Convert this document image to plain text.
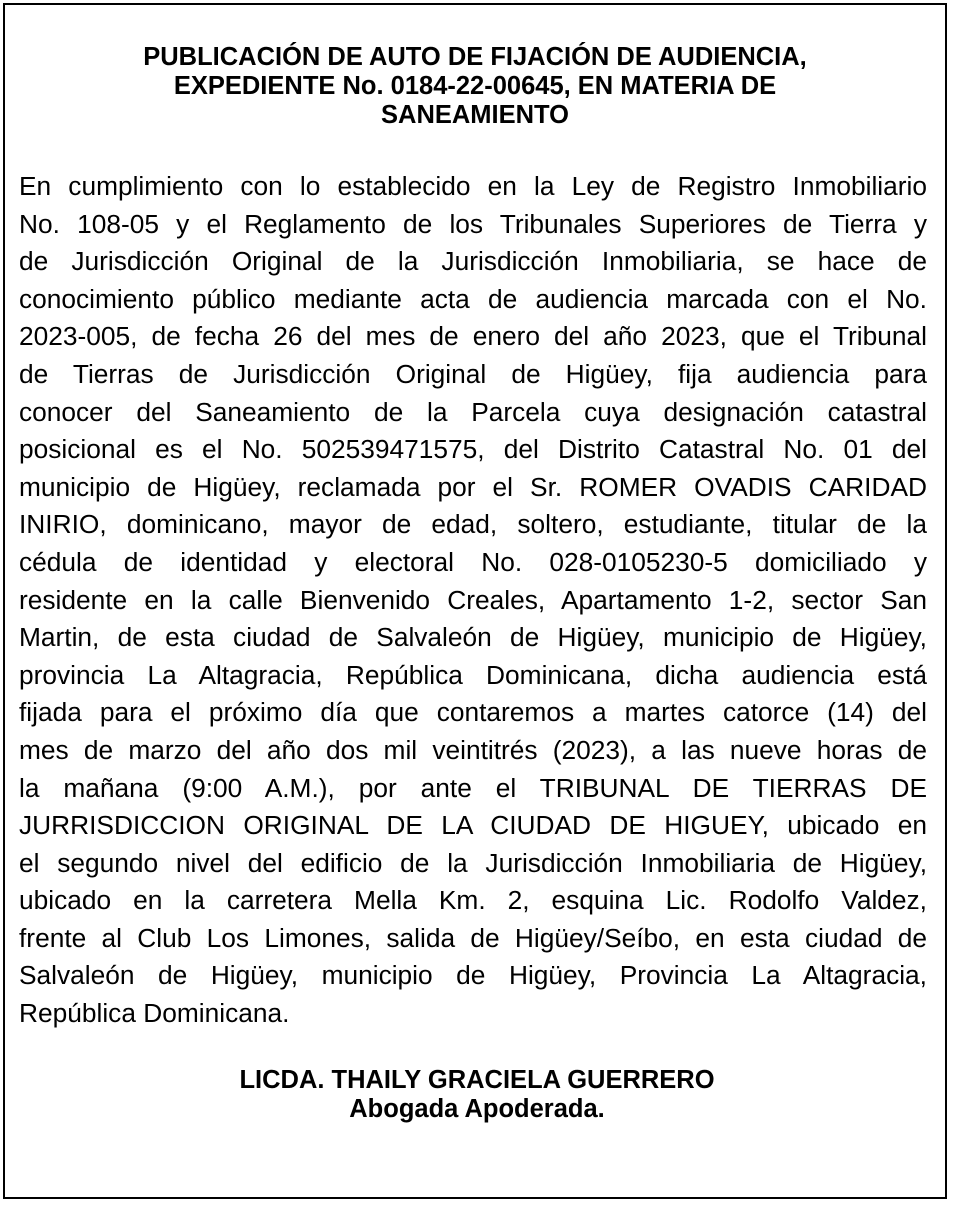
PUBLICACIÓN DE AUTO DE FIJACIÓN DE AUDIENCIA,
EXPEDIENTE No. 0184-22-00645, EN MATERIA DE
SANEAMIENTO
En cumplimiento con lo establecido en la Ley de Registro Inmobiliario
No. 108-05 y el Reglamento de los Tribunales Superiores de Tierra y
de Jurisdicción Original de la Jurisdicción Inmobiliaria, se hace de
conocimiento público mediante acta de audiencia marcada con el No.
2023-005, de fecha 26 del mes de enero del año 2023, que el Tribunal
de Tierras de Jurisdicción Original de Higüey, fija audiencia para
conocer del Saneamiento de la Parcela cuya designación catastral
posicional es el No. 502539471575, del Distrito Catastral No. 01 del
municipio de Higüey, reclamada por el Sr. ROMER OVADIS CARIDAD
INIRIO, dominicano, mayor de edad, soltero, estudiante, titular de la
cédula de identidad y electoral No. 028-0105230-5 domiciliado y
residente en la calle Bienvenido Creales, Apartamento 1-2, sector San
Martin, de esta ciudad de Salvaleón de Higüey, municipio de Higüey,
provincia La Altagracia, República Dominicana, dicha audiencia está
fijada para el próximo día que contaremos a martes catorce (14) del
mes de marzo del año dos mil veintitrés (2023), a las nueve horas de
la mañana (9:00 A.M.), por ante el TRIBUNAL DE TIERRAS DE
JURRISDICCION ORIGINAL DE LA CIUDAD DE HIGUEY, ubicado en
el segundo nivel del edificio de la Jurisdicción Inmobiliaria de Higüey,
ubicado en la carretera Mella Km. 2, esquina Lic. Rodolfo Valdez,
frente al Club Los Limones, salida de Higüey/Seíbo, en esta ciudad de
Salvaleón de Higüey, municipio de Higüey, Provincia La Altagracia,
República Dominicana.
LICDA. THAILY GRACIELA GUERRERO
Abogada Apoderada.
